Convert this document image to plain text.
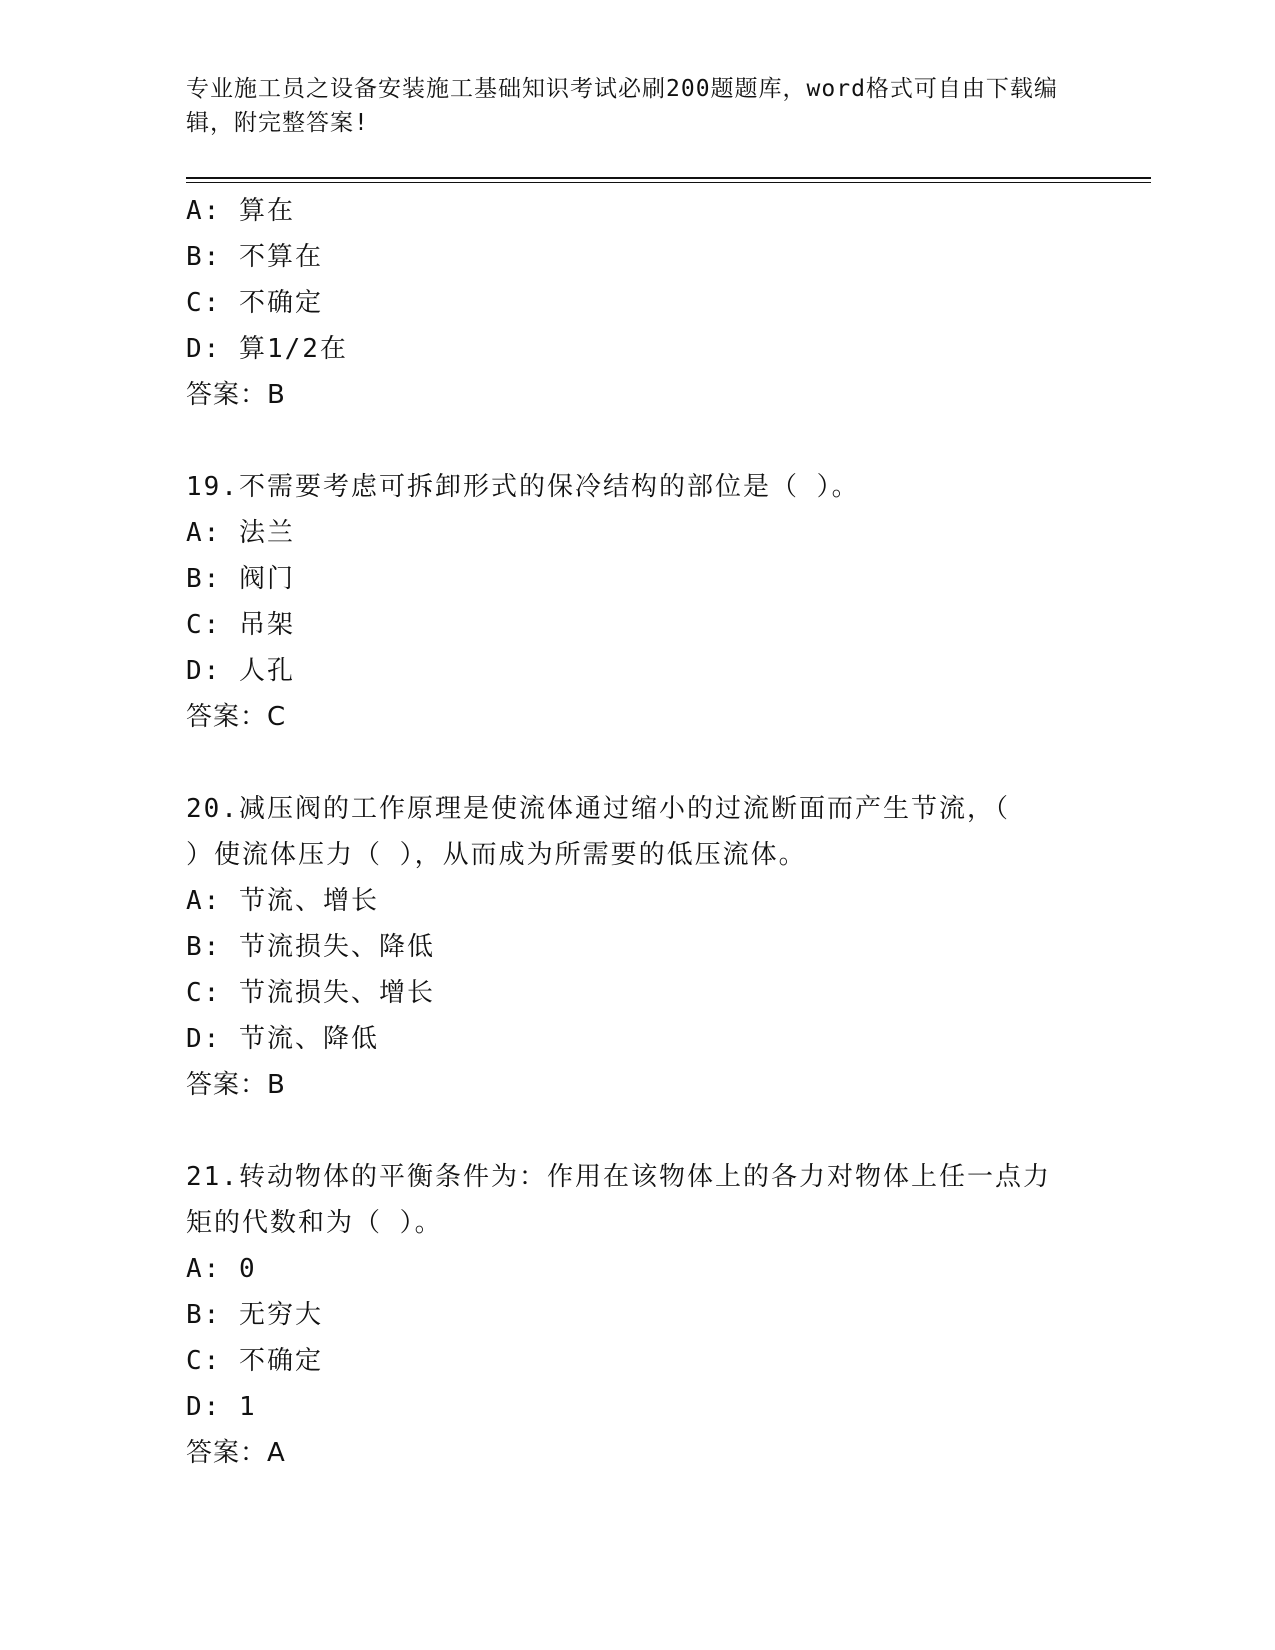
专业施工员之设备安装施工基础知识考试必刷200题题库，word格式可自由下载编辑，附完整答案!
A: 算在
B: 不算在
C: 不确定
D: 算1/2在
答案：B
19.不需要考虑可拆卸形式的保冷结构的部位是（ ）。
A: 法兰
B: 阀门
C: 吊架
D: 人孔
答案：C
20.减压阀的工作原理是使流体通过缩小的过流断面而产生节流，（
）使流体压力（ ），从而成为所需要的低压流体。
A: 节流、增长
B: 节流损失、降低
C: 节流损失、增长
D: 节流、降低
答案：B
21.转动物体的平衡条件为：作用在该物体上的各力对物体上任一点力
矩的代数和为（ ）。
A: 0
B: 无穷大
C: 不确定
D: 1
答案：A
